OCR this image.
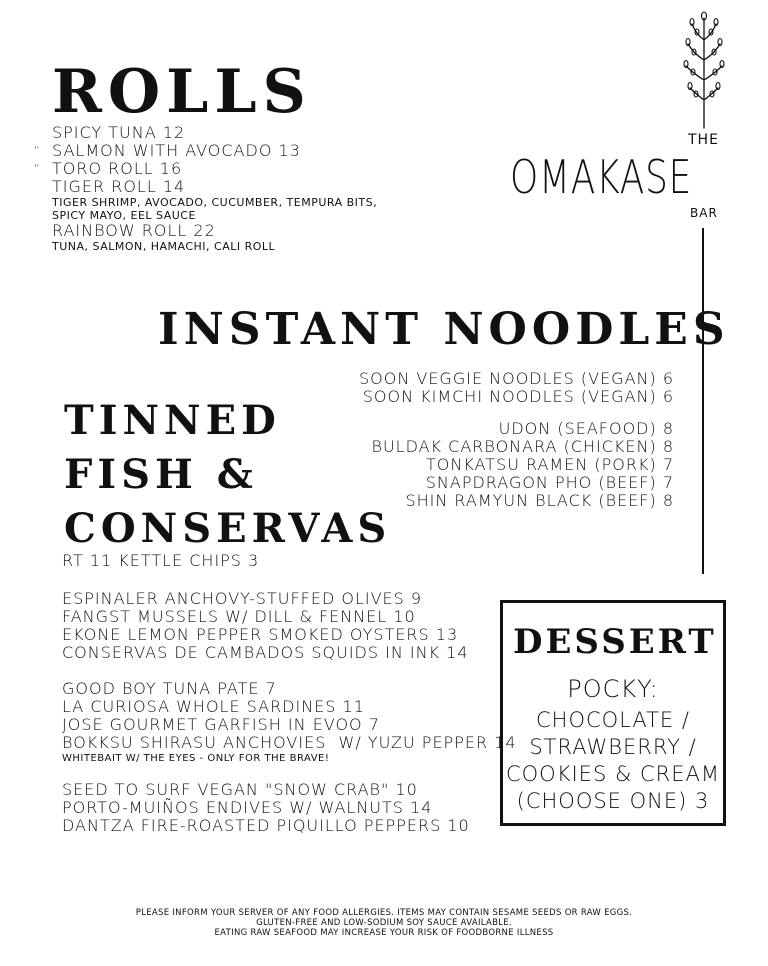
ROLLS
SPICY TUNA 12
“ SALMON WITH AVOCADO 13
“ TORO ROLL 16
TIGER ROLL 14
TIGER SHRIMP, AVOCADO, CUCUMBER, TEMPURA BITS,
SPICY MAYO, EEL SAUCE
RAINBOW ROLL 22
TUNA, SALMON, HAMACHI, CALI ROLL
THE
OMAKASE
BAR
INSTANT NOODLES
SOON VEGGIE NOODLES (VEGAN) 6
SOON KIMCHI NOODLES (VEGAN) 6
UDON (SEAFOOD) 8
BULDAK CARBONARA (CHICKEN) 8
TONKATSU RAMEN (PORK) 7
SNAPDRAGON PHO (BEEF) 7
SHIN RAMYUN BLACK (BEEF) 8
TINNED
FISH &
CONSERVAS
RT 11 KETTLE CHIPS 3
ESPINALER ANCHOVY-STUFFED OLIVES 9
FANGST MUSSELS W/ DILL & FENNEL 10
EKONE LEMON PEPPER SMOKED OYSTERS 13
CONSERVAS DE CAMBADOS SQUIDS IN INK 14
GOOD BOY TUNA PATE 7
LA CURIOSA WHOLE SARDINES 11
JOSE GOURMET GARFISH IN EVOO 7
BOKKSU SHIRASU ANCHOVIES  W/ YUZU PEPPER 14
WHITEBAIT W/ THE EYES - ONLY FOR THE BRAVE!
SEED TO SURF VEGAN "SNOW CRAB" 10
PORTO-MUIÑOS ENDIVES W/ WALNUTS 14
DANTZA FIRE-ROASTED PIQUILLO PEPPERS 10
DESSERT
POCKY:
CHOCOLATE /
STRAWBERRY /
COOKIES & CREAM
(CHOOSE ONE) 3
PLEASE INFORM YOUR SERVER OF ANY FOOD ALLERGIES. ITEMS MAY CONTAIN SESAME SEEDS OR RAW EGGS.
GLUTEN-FREE AND LOW-SODIUM SOY SAUCE AVAILABLE.
EATING RAW SEAFOOD MAY INCREASE YOUR RISK OF FOODBORNE ILLNESS
